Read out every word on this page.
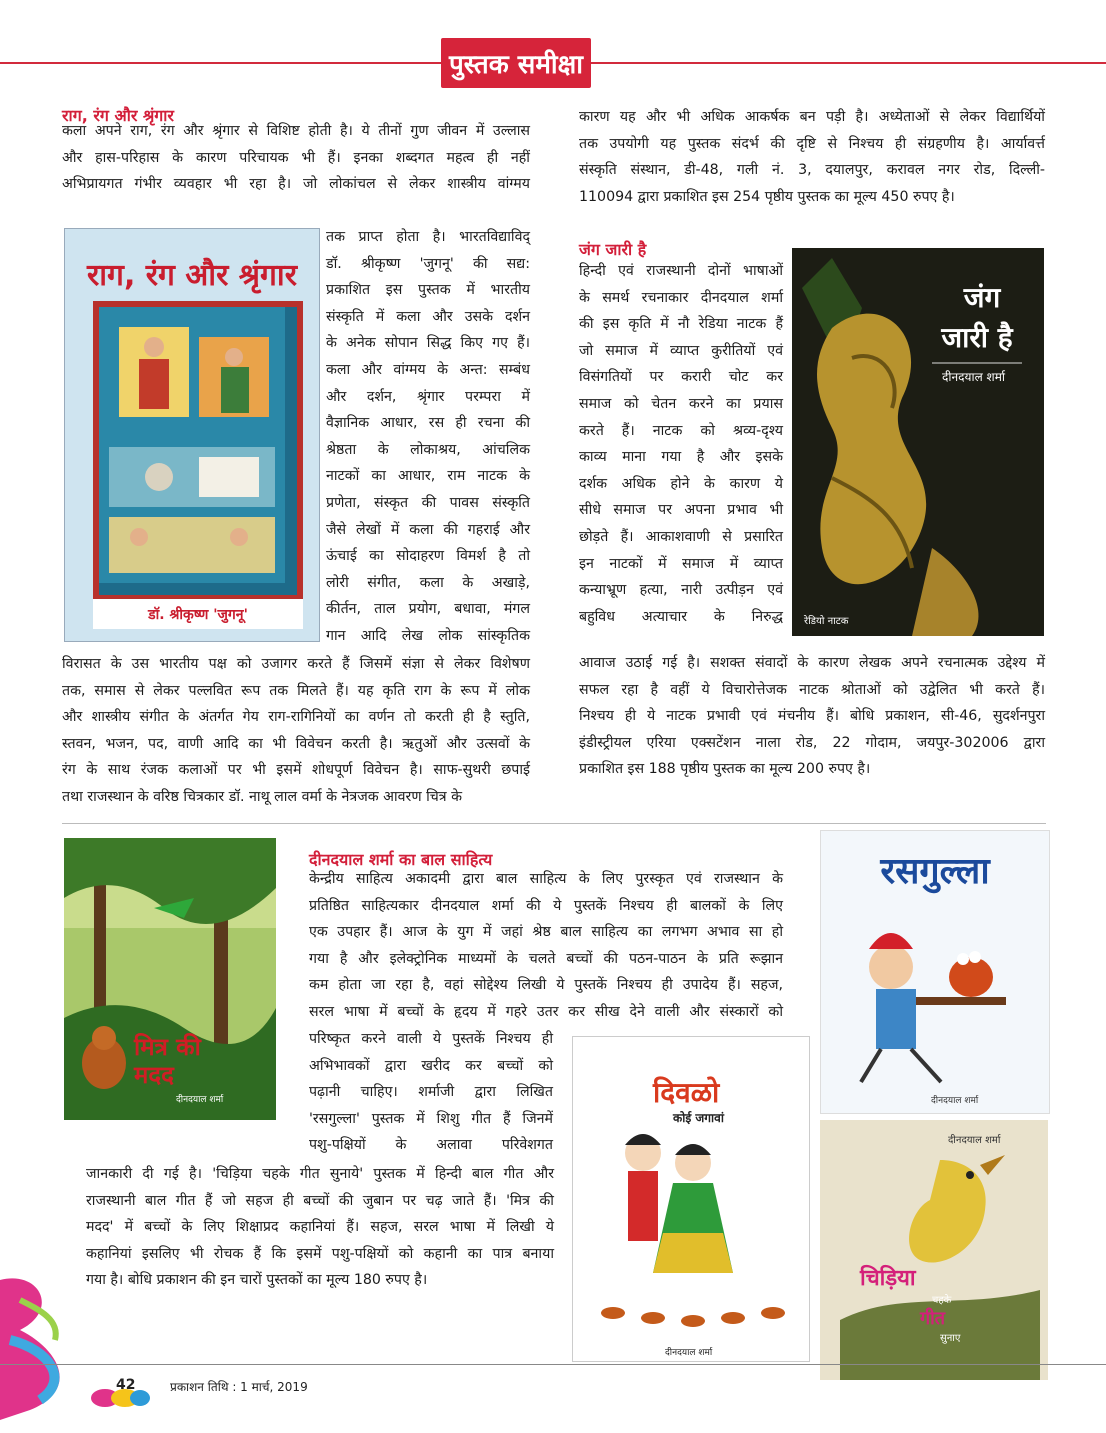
पुस्तक समीक्षा
राग, रंग और श्रृंगार
कला अपने राग, रंग और श्रृंगार से विशिष्ट होती है। ये तीनों गुण जीवन में उल्लास
और हास-परिहास के कारण परिचायक भी हैं। इनका शब्दगत महत्व ही नहीं
अभिप्रायगत गंभीर व्यवहार भी रहा है। जो लोकांचल से लेकर शास्त्रीय वांग्मय
राग, रंग और श्रृंगार
डॉ. श्रीकृष्ण 'जुगनू'
तक प्राप्त होता है। भारतविद्याविद्
डॉ. श्रीकृष्ण 'जुगनू' की सद्य:
प्रकाशित इस पुस्तक में भारतीय
संस्कृति में कला और उसके दर्शन
के अनेक सोपान सिद्ध किए गए हैं।
कला और वांग्मय के अन्त: सम्बंध
और दर्शन, श्रृंगार परम्परा में
वैज्ञानिक आधार, रस ही रचना की
श्रेष्ठता के लोकाश्रय, आंचलिक
नाटकों का आधार, राम नाटक के
प्रणेता, संस्कृत की पावस संस्कृति
जैसे लेखों में कला की गहराई और
ऊंचाई का सोदाहरण विमर्श है तो
लोरी संगीत, कला के अखाड़े,
कीर्तन, ताल प्रयोग, बधावा, मंगल
गान आदि लेख लोक सांस्कृतिक
विरासत के उस भारतीय पक्ष को उजागर करते हैं जिसमें संज्ञा से लेकर विशेषण
तक, समास से लेकर पल्लवित रूप तक मिलते हैं। यह कृति राग के रूप में लोक
और शास्त्रीय संगीत के अंतर्गत गेय राग-रागिनियों का वर्णन तो करती ही है स्तुति,
स्तवन, भजन, पद, वाणी आदि का भी विवेचन करती है। ऋतुओं और उत्सवों के
रंग के साथ रंजक कलाओं पर भी इसमें शोधपूर्ण विवेचन है। साफ-सुथरी छपाई
तथा राजस्थान के वरिष्ठ चित्रकार डॉ. नाथू लाल वर्मा के नेत्रजक आवरण चित्र के
कारण यह और भी अधिक आकर्षक बन पड़ी है। अध्येताओं से लेकर विद्यार्थियों
तक उपयोगी यह पुस्तक संदर्भ की दृष्टि से निश्चय ही संग्रहणीय है। आर्यावर्त्त
संस्कृति संस्थान, डी-48, गली नं. 3, दयालपुर, करावल नगर रोड, दिल्ली-
110094 द्वारा प्रकाशित इस 254 पृष्ठीय पुस्तक का मूल्य 450 रुपए है।
जंग जारी है
हिन्दी एवं राजस्थानी दोनों भाषाओं
के समर्थ रचनाकार दीनदयाल शर्मा
की इस कृति में नौ रेडिया नाटक हैं
जो समाज में व्याप्त कुरीतियों एवं
विसंगतियों पर करारी चोट कर
समाज को चेतन करने का प्रयास
करते हैं। नाटक को श्रव्य-दृश्य
काव्य माना गया है और इसके
दर्शक अधिक होने के कारण ये
सीधे समाज पर अपना प्रभाव भी
छोड़ते हैं। आकाशवाणी से प्रसारित
इन नाटकों में समाज में व्याप्त
कन्याभ्रूण हत्या, नारी उत्पीड़न एवं
बहुविध अत्याचार के निरुद्ध
जंग
जारी है
दीनदयाल शर्मा
रेडियो नाटक
आवाज उठाई गई है। सशक्त संवादों के कारण लेखक अपने रचनात्मक उद्देश्य में
सफल रहा है वहीं ये विचारोत्तेजक नाटक श्रोताओं को उद्वेलित भी करते हैं।
निश्चय ही ये नाटक प्रभावी एवं मंचनीय हैं। बोधि प्रकाशन, सी-46, सुदर्शनपुरा
इंडीस्ट्रीयल एरिया एक्सटेंशन नाला रोड, 22 गोदाम, जयपुर-302006 द्वारा
प्रकाशित इस 188 पृष्ठीय पुस्तक का मूल्य 200 रुपए है।
दीनदयाल शर्मा का बाल साहित्य
केन्द्रीय साहित्य अकादमी द्वारा बाल साहित्य के लिए पुरस्कृत एवं राजस्थान के
प्रतिष्ठित साहित्यकार दीनदयाल शर्मा की ये पुस्तकें निश्चय ही बालकों के लिए
एक उपहार हैं। आज के युग में जहां श्रेष्ठ बाल साहित्य का लगभग अभाव सा हो
गया है और इलेक्ट्रोनिक माध्यमों के चलते बच्चों की पठन-पाठन के प्रति रूझान
कम होता जा रहा है, वहां सोद्देश्य लिखी ये पुस्तकें निश्चय ही उपादेय हैं। सहज,
सरल भाषा में बच्चों के हृदय में गहरे उतर कर सीख देने वाली और संस्कारों को
परिष्कृत करने वाली ये पुस्तकें निश्चय ही
अभिभावकों द्वारा खरीद कर बच्चों को
पढ़ानी चाहिए। शर्माजी द्वारा लिखित
'रसगुल्ला' पुस्तक में शिशु गीत हैं जिनमें
पशु-पक्षियों के अलावा परिवेशगत
जानकारी दी गई है। 'चिड़िया चहके गीत सुनाये' पुस्तक में हिन्दी बाल गीत और
राजस्थानी बाल गीत हैं जो सहज ही बच्चों की जुबान पर चढ़ जाते हैं। 'मित्र की
मदद' में बच्चों के लिए शिक्षाप्रद कहानियां हैं। सहज, सरल भाषा में लिखी ये
कहानियां इसलिए भी रोचक हैं कि इसमें पशु-पक्षियों को कहानी का पात्र बनाया
गया है। बोधि प्रकाशन की इन चारों पुस्तकों का मूल्य 180 रुपए है।
मित्र की
मदद
दीनदयाल शर्मा
रसगुल्ला
दीनदयाल शर्मा
दिवळो
कोई जगावां
दीनदयाल शर्मा
दीनदयाल शर्मा
चिड़िया
चहके
गीत
सुनाए
42	प्रकाशन तिथि : 1 मार्च, 2019
